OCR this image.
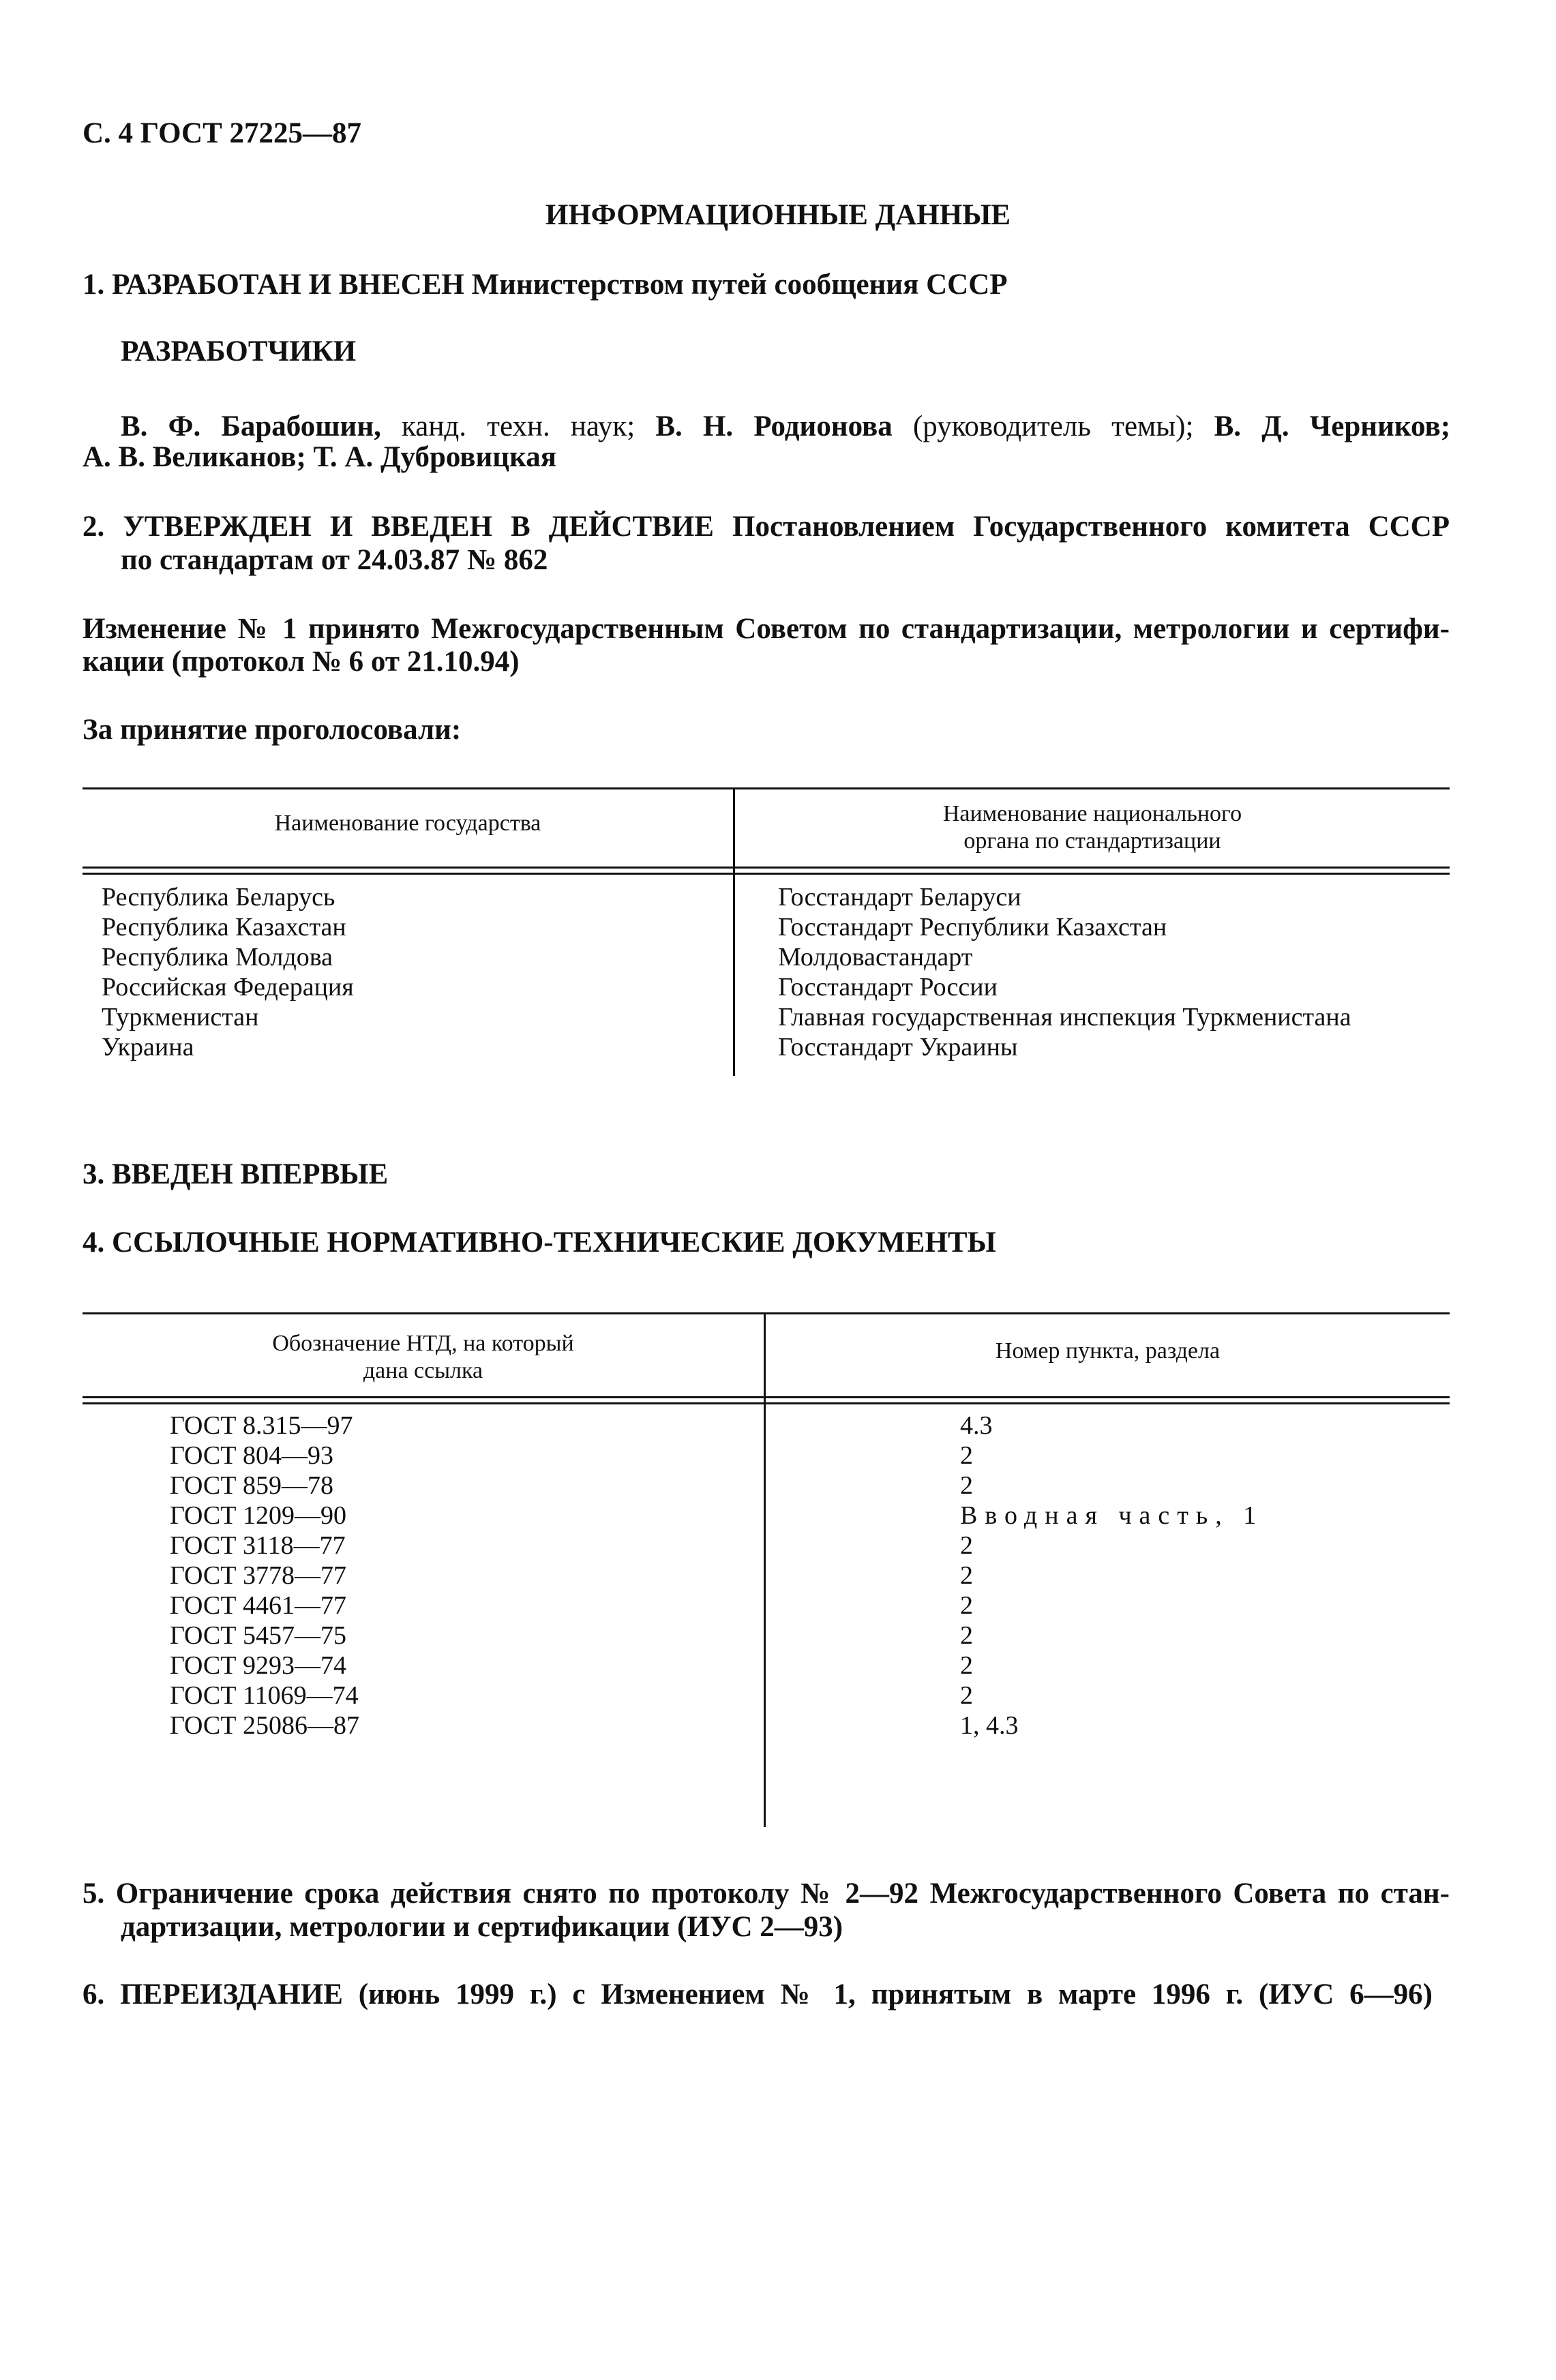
С. 4 ГОСТ 27225—87
ИНФОРМАЦИОННЫЕ ДАННЫЕ
1. РАЗРАБОТАН И ВНЕСЕН Министерством путей сообщения СССР
РАЗРАБОТЧИКИ
В. Ф. Барабошин, канд. техн. наук; В. Н. Родионова (руководитель темы); В. Д. Черников;
А. В. Великанов; Т. А. Дубровицкая
2. УТВЕРЖДЕН И ВВЕДЕН В ДЕЙСТВИЕ Постановлением Государственного комитета СССР
по стандартам от 24.03.87 № 862
Изменение № 1 принято Межгосударственным Советом по стандартизации, метрологии и сертифи-
кации (протокол № 6 от 21.10.94)
За принятие проголосовали:
Наименование государства	Наименование национального
органа по стандартизации
Республика Беларусь
Республика Казахстан
Республика Молдова
Российская Федерация
Туркменистан
Украина
Госстандарт Беларуси
Госстандарт Республики Казахстан
Молдовастандарт
Госстандарт России
Главная государственная инспекция Туркменистана
Госстандарт Украины
3. ВВЕДЕН ВПЕРВЫЕ
4. ССЫЛОЧНЫЕ НОРМАТИВНО-ТЕХНИЧЕСКИЕ ДОКУМЕНТЫ
Обозначение НТД, на который
дана ссылка
Номер пункта, раздела
ГОСТ 8.315—97
ГОСТ 804—93
ГОСТ 859—78
ГОСТ 1209—90
ГОСТ 3118—77
ГОСТ 3778—77
ГОСТ 4461—77
ГОСТ 5457—75
ГОСТ 9293—74
ГОСТ 11069—74
ГОСТ 25086—87
4.3
2
2
Вводная часть, 1
2
2
2
2
2
2
1, 4.3
5. Ограничение срока действия снято по протоколу № 2—92 Межгосударственного Совета по стан-
дартизации, метрологии и сертификации (ИУС 2—93)
6. ПЕРЕИЗДАНИЕ (июнь 1999 г.) с Изменением № 1, принятым в марте 1996 г. (ИУС 6—96)
